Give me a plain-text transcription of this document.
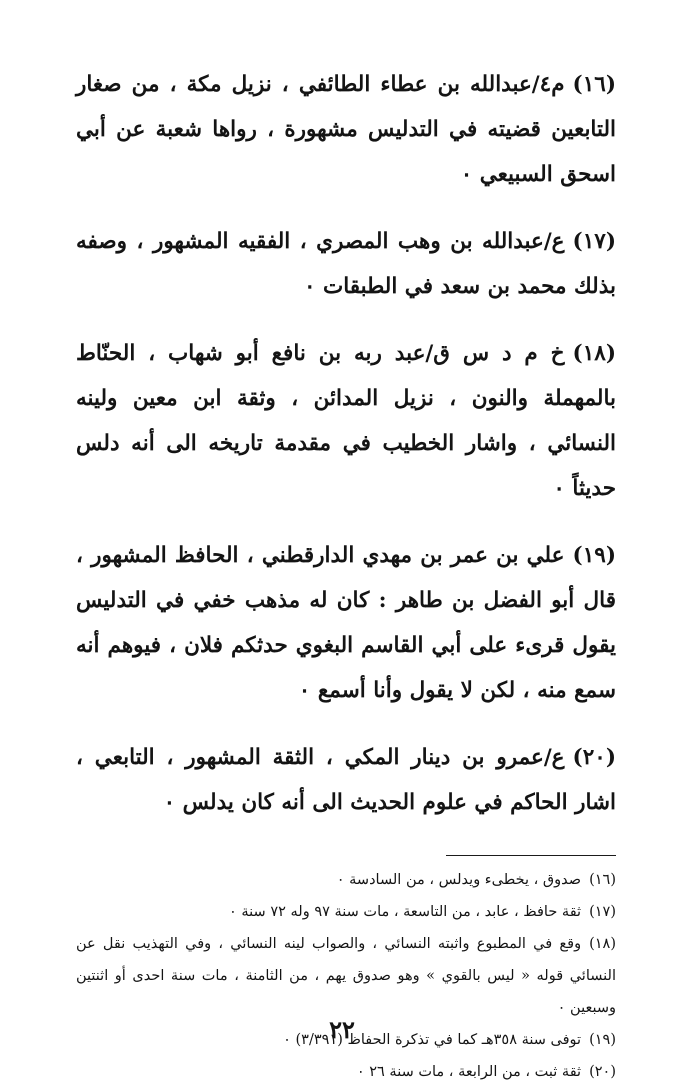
(١٦)م٤/عبدالله بن عطاء الطائفي ، نزيل مكة ، من صغار التابعين قضيته في التدليس مشهورة ، رواها شعبة عن أبي اسحق السبيعي ٠

(١٧)ع/عبدالله بن وهب المصري ، الفقيه المشهور ، وصفه بذلك محمد بن سعد في الطبقات ٠

(١٨)خ م د س ق/عبد ربه بن نافع أبو شهاب ، الحنّاط بالمهملة والنون ، نزيل المدائن ، وثقة ابن معين ولينه النسائي ، واشار الخطيب في مقدمة تاريخه الى أنه دلس حديثاً ٠

(١٩)علي بن عمر بن مهدي الدارقطني ، الحافظ المشهور ، قال أبو الفضل بن طاهر : كان له مذهب خفي في التدليس يقول قرىء على أبي القاسم البغوي حدثكم فلان ، فيوهم أنه سمع منه ، لكن لا يقول وأنا أسمع ٠

(٢٠)ع/عمرو بن دينار المكي ، الثقة المشهور ، التابعي ، اشار الحاكم في علوم الحديث الى أنه كان يدلس ٠

(١٦)صدوق ، يخطىء ويدلس ، من السادسة ٠

(١٧)ثقة حافظ ، عابد ، من التاسعة ، مات سنة ٩٧ وله ٧٢ سنة ٠

(١٨)وقع في المطبوع واثبته النسائي ، والصواب لينه النسائي ، وفي التهذيب نقل عن النسائي قوله « ليس بالقوي » وهو صدوق يهم ، من الثامنة ، مات سنة احدى أو اثنتين وسبعين ٠

(١٩)توفى سنة ٣٥٨هـ كما في تذكرة الحفاظ (٣/٣٩١) ٠

(٢٠)ثقة ثبت ، من الرابعة ، مات سنة ٢٦ ٠

٢٢
